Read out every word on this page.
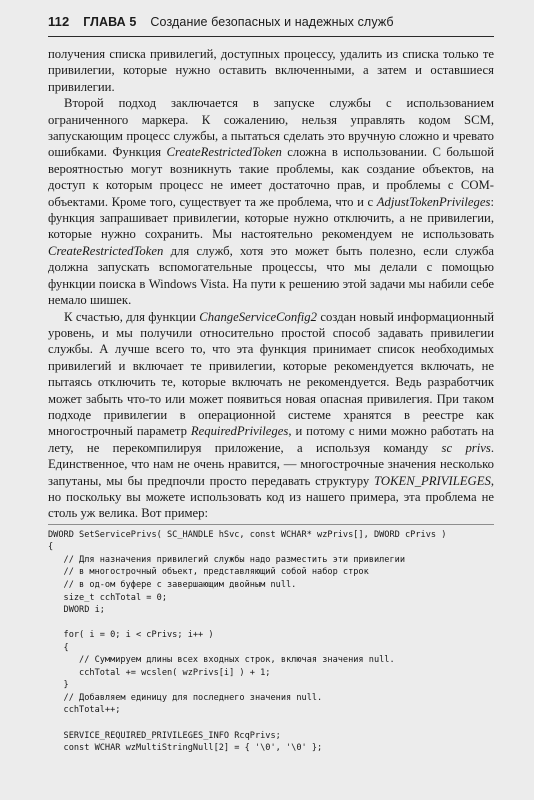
112 ГЛАВА 5 Создание безопасных и надежных служб

получения списка привилегий, доступных процессу, удалить из списка только те привилегии, которые нужно оставить включенными, а затем и оставшиеся привилегии.

Второй подход заключается в запуске службы с использованием ограниченного маркера. К сожалению, нельзя управлять кодом SCM, запускающим процесс службы, а пытаться сделать это вручную сложно и чревато ошибками. Функция CreateRestrictedToken сложна в использовании. С большой вероятностью могут возникнуть такие проблемы, как создание объектов, на доступ к которым процесс не имеет достаточно прав, и проблемы с COM-объектами. Кроме того, существует та же проблема, что и с AdjustTokenPrivileges: функция запрашивает привилегии, которые нужно отключить, а не привилегии, которые нужно сохранить. Мы настоятельно рекомендуем не использовать CreateRestrictedToken для служб, хотя это может быть полезно, если служба должна запускать вспомогательные процессы, что мы делали с помощью функции поиска в Windows Vista. На пути к решению этой задачи мы набили себе немало шишек.

К счастью, для функции ChangeServiceConfig2 создан новый информационный уровень, и мы получили относительно простой способ задавать привилегии службы. А лучше всего то, что эта функция принимает список необходимых привилегий и включает те привилегии, которые рекомендуется включать, не пытаясь отключить те, которые включать не рекомендуется. Ведь разработчик может забыть что-то или может появиться новая опасная привилегия. При таком подходе привилегии в операционной системе хранятся в реестре как многострочный параметр RequiredPrivileges, и потому с ними можно работать на лету, не перекомпилируя приложение, а используя команду sc privs. Единственное, что нам не очень нравится, — многострочные значения несколько запутаны, мы бы предпочли просто передавать структуру TOKEN_PRIVILEGES, но поскольку вы можете использовать код из нашего примера, эта проблема не столь уж велика. Вот пример:

DWORD SetServicePrivs( SC_HANDLE hSvc, const WCHAR* wzPrivs[], DWORD cPrivs )
{
// Для назначения привилегий службы надо разместить эти привилегии
// в многострочный объект, представляющий собой набор строк
// в од-ом буфере с завершающим двойным null.
size_t cchTotal = 0;
DWORD i;

for( i = 0; i < cPrivs; i++ )
{
// Суммируем длины всех входных строк, включая значения null.
cchTotal += wcslen( wzPrivs[i] ) + 1;
}
// Добавляем единицу для последнего значения null.
cchTotal++;

SERVICE_REQUIRED_PRIVILEGES_INFO RcqPrivs;
const WCHAR wzMultiStringNull[2] = { '\0', '\0' };
